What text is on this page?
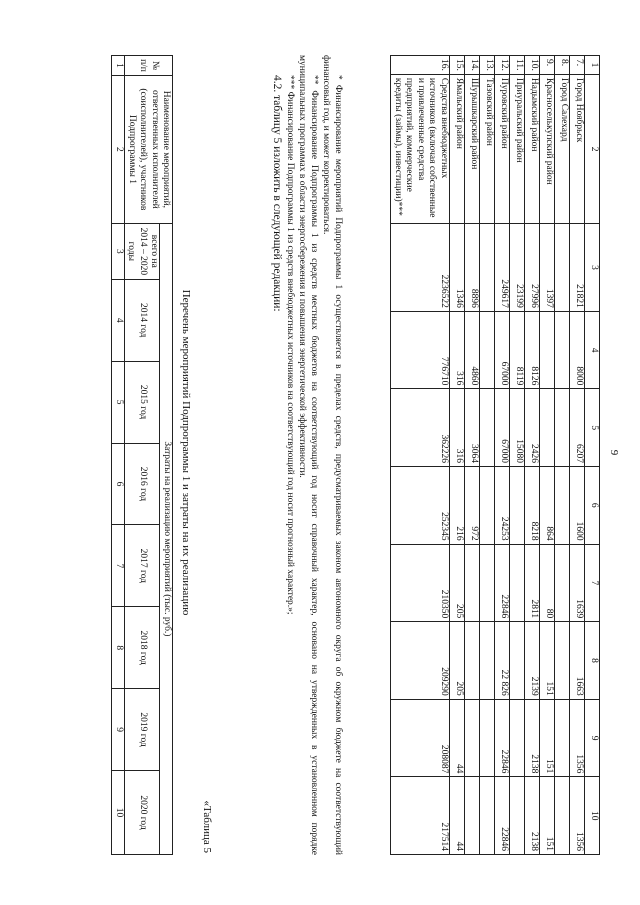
9
1	2	3	4	5	6	7	8	9	10
7.	Город Ноябрьск	21821	8000	6207	1600	1639	1663	1356	1356
8.	Город Салехард								
9.	Красноселькупский район	1397			864	80	151	151	151
10.	Надымский район	27996	8126	2426	8218	2811	2139	2138	2138
11.	Приуральский район	23199	8119	15080					
12.	Пуровский район	249617	67000	67000	24253	22846	22 826	22846	22846
13.	Тазовский район								
14.	Шурышкарский район	8896	4860	3064	972				
15.	Ямальский район	1346	316	316	216	205	205	44	44
16.	Средства внебюджетных источников (включая собственные и привлеченные средства предприятий, коммерческие кредиты (займы), инвестиции)***	2236522	776710	362226	252345	210350	209290	208087	217514

* Финансирование мероприятий Подпрограммы 1 осуществляется в пределах средств, предусматриваемых законом автономного округа об окружном бюджете на соответствующий финансовый год, и может корректироваться.

** Финансирование Подпрограммы 1 из средств местных бюджетов на соответствующий год носит справочный характер, основано на утвержденных в установленном порядке муниципальных программах в области энергосбережения и повышения энергетической эффективности.

*** Финансирование Подпрограммы 1 из средств внебюджетных источников на соответствующий год носит прогнозный характер.»;

4.2. таблицу 5 изложить в следующей редакции:

«Таблица 5
Перечень мероприятий Подпрограммы 1 и затраты на их реализацию
№ п/п	Наименование мероприятий, ответственных исполнителей (соисполнителей), участников Подпрограммы 1	Затраты на реализацию мероприятий (тыс. руб.)							
		всего на 2014 – 2020 годы	2014 год	2015 год	2016 год	2017 год	2018 год	2019 год	2020 год
1	2	3	4	5	6	7	8	9	10
